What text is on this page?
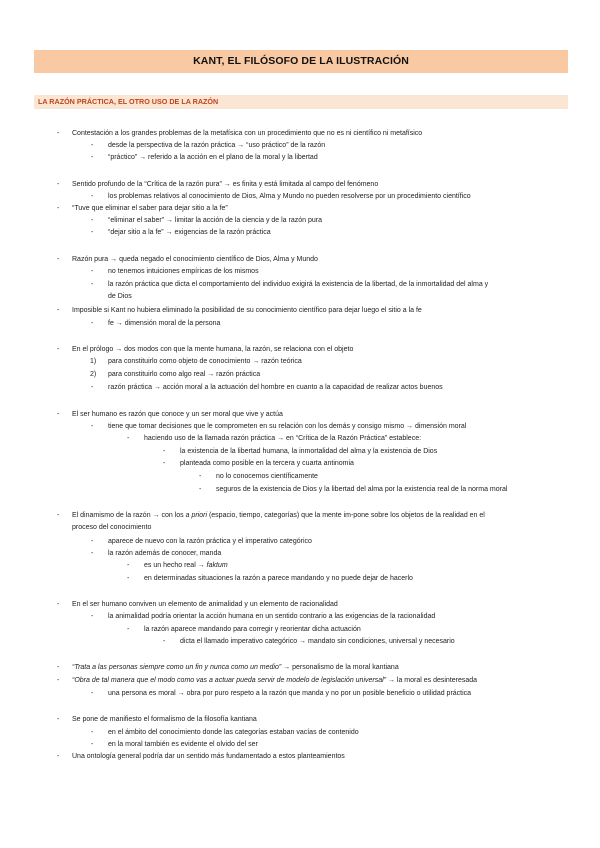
KANT, EL FILÓSOFO DE LA ILUSTRACIÓN
LA RAZÓN PRÁCTICA, EL OTRO USO DE LA RAZÓN
- Contestación a los grandes problemas de la metafísica con un procedimiento que no es ni científico ni metafísico
- desde la perspectiva de la razón práctica → “uso práctico” de la razón
- “práctico” → referido a la acción en el plano de la moral y la libertad
- Sentido profundo de la “Crítica de la razón pura” → es finita y está limitada al campo del fenómeno
- los problemas relativos al conocimiento de Dios, Alma y Mundo no pueden resolverse por un procedimiento científico
- “Tuve que eliminar el saber para dejar sitio a la fe”
- “eliminar el saber” → limitar la acción de la ciencia y de la razón pura
- “dejar sitio a la fe” → exigencias de la razón práctica
- Razón pura → queda negado el conocimiento científico de Dios, Alma y Mundo
- no tenemos intuiciones empíricas de los mismos
- la razón práctica que dicta el comportamiento del individuo exigirá la existencia de la libertad, de la inmortalidad del alma y
de Dios
- Imposible si Kant no hubiera eliminado la posibilidad de su conocimiento científico para dejar luego el sitio a la fe
- fe → dimensión moral de la persona
- En el prólogo → dos modos con que la mente humana, la razón, se relaciona con el objeto
1) para constituirlo como objeto de conocimiento → razón teórica
2) para constituirlo como algo real → razón práctica
- razón práctica → acción moral a la actuación del hombre en cuanto a la capacidad de realizar actos buenos
- El ser humano es razón que conoce y un ser moral que vive y actúa
- tiene que tomar decisiones que le comprometen en su relación con los demás y consigo mismo → dimensión moral
- haciendo uso de la llamada razón práctica → en “Crítica de la Razón Práctica” establece:
- la existencia de la libertad humana, la inmortalidad del alma y la existencia de Dios
- planteada como posible en la tercera y cuarta antinomia
- no lo conocemos científicamente
- seguros de la existencia de Dios y la libertad del alma por la existencia real de la norma moral
- El dinamismo de la razón → con los a priori (espacio, tiempo, categorías) que la mente im-pone sobre los objetos de la realidad en el
proceso del conocimiento
- aparece de nuevo con la razón práctica y el imperativo categórico
- la razón además de conocer, manda
- es un hecho real → faktum
- en determinadas situaciones la razón a parece mandando y no puede dejar de hacerlo
- En el ser humano conviven un elemento de animalidad y un elemento de racionalidad
- la animalidad podría orientar la acción humana en un sentido contrario a las exigencias de la racionalidad
- la razón aparece mandando para corregir y reorientar dicha actuación
- dicta el llamado imperativo categórico → mandato sin condiciones, universal y necesario
- “Trata a las personas siempre como un fin y nunca como un medio” → personalismo de la moral kantiana
- “Obra de tal manera que el modo como vas a actuar pueda servir de modelo de legislación universal” → la moral es desinteresada
- una persona es moral → obra por puro respeto a la razón que manda y no por un posible beneficio o utilidad práctica
- Se pone de manifiesto el formalismo de la filosofía kantiana
- en el ámbito del conocimiento donde las categorías estaban vacías de contenido
- en la moral también es evidente el olvido del ser
- Una ontología general podría dar un sentido más fundamentado a estos planteamientos
